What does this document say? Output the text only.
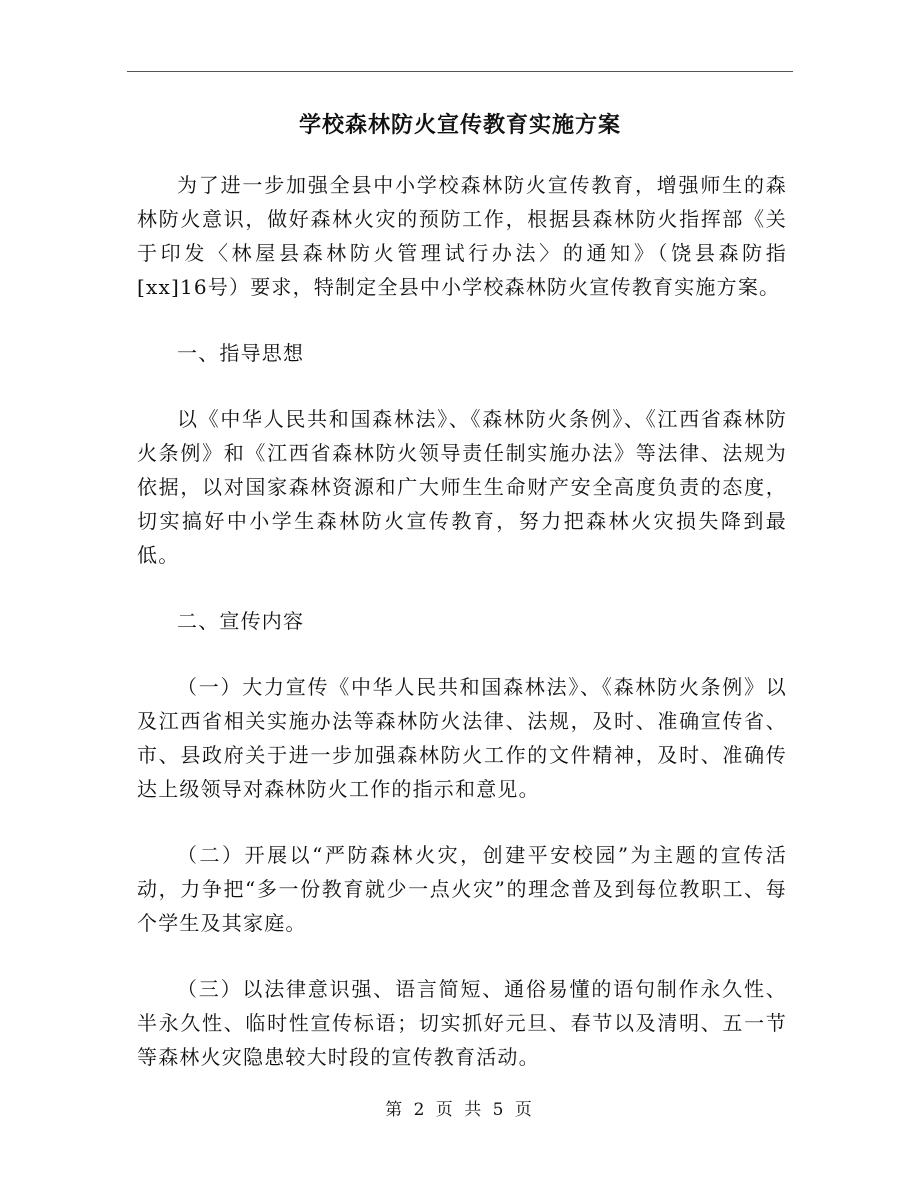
学校森林防火宣传教育实施方案

为了进一步加强全县中小学校森林防火宣传教育，增强师生的森林防火意识，做好森林火灾的预防工作，根据县森林防火指挥部《关于印发〈林屋县森林防火管理试行办法〉的通知》（饶县森防指[xx]16号）要求，特制定全县中小学校森林防火宣传教育实施方案。

一、指导思想

以《中华人民共和国森林法》、《森林防火条例》、《江西省森林防火条例》和《江西省森林防火领导责任制实施办法》等法律、法规为依据，以对国家森林资源和广大师生生命财产安全高度负责的态度，切实搞好中小学生森林防火宣传教育，努力把森林火灾损失降到最低。

二、宣传内容

（一）大力宣传《中华人民共和国森林法》、《森林防火条例》以及江西省相关实施办法等森林防火法律、法规，及时、准确宣传省、市、县政府关于进一步加强森林防火工作的文件精神，及时、准确传达上级领导对森林防火工作的指示和意见。

（二）开展以“严防森林火灾，创建平安校园”为主题的宣传活动，力争把“多一份教育就少一点火灾”的理念普及到每位教职工、每个学生及其家庭。

（三）以法律意识强、语言简短、通俗易懂的语句制作永久性、半永久性、临时性宣传标语；切实抓好元旦、春节以及清明、五一节等森林火灾隐患较大时段的宣传教育活动。

第 2 页 共 5 页
